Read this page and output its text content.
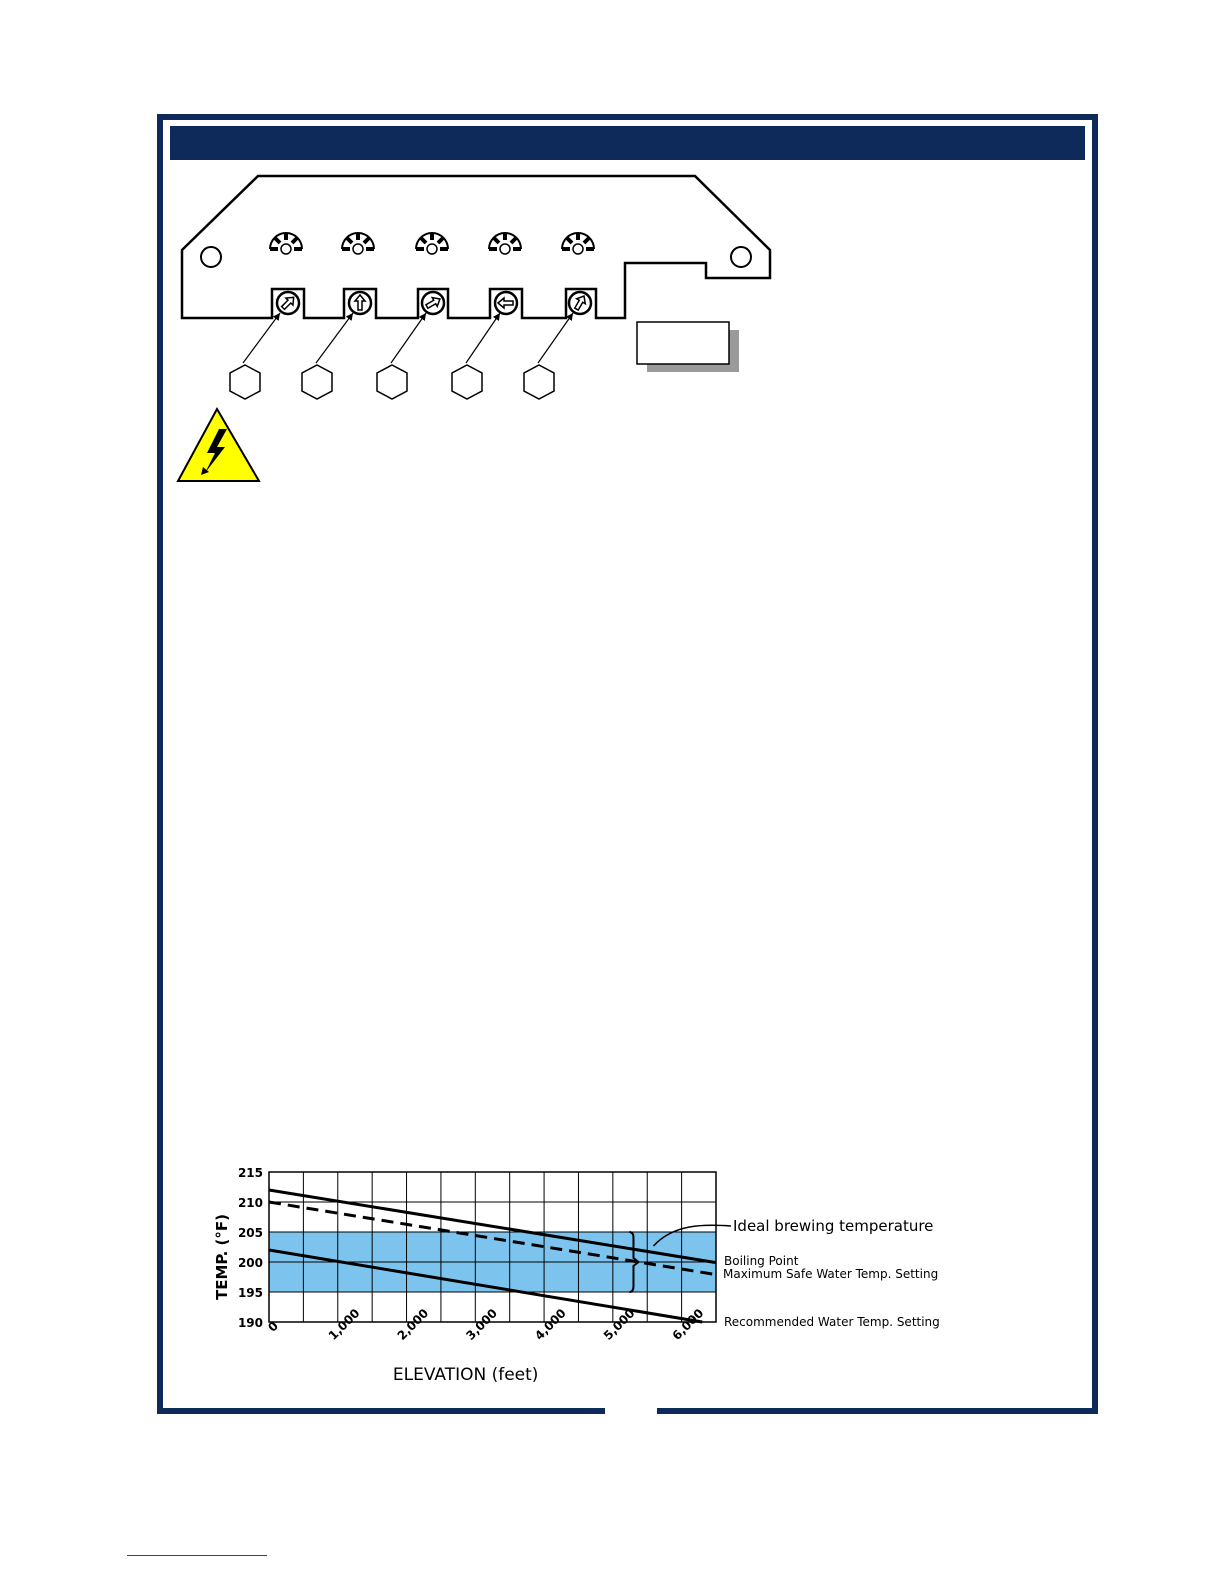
190
195
200
205
210
215
0	1,000	2,000	3,000	4,000	5,000	6,000
TEMP. (°F)
ELEVATION (feet)
Ideal brewing temperature
Boiling Point
Maximum Safe Water Temp. Setting
Recommended Water Temp. Setting
